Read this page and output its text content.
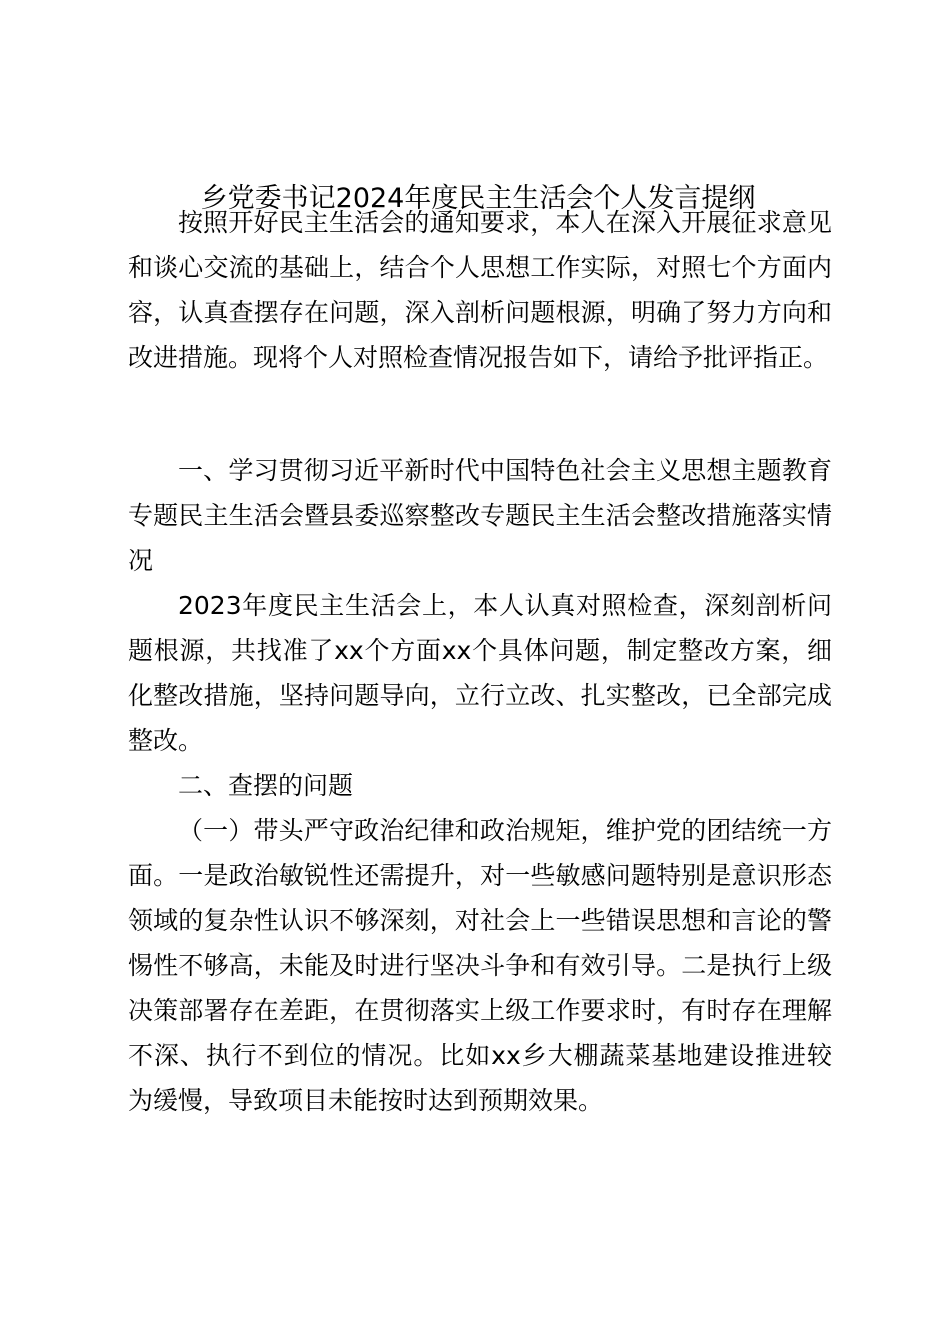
乡党委书记2024年度民主生活会个人发言提纲

按照开好民主生活会的通知要求，本人在深入开展征求意见和谈心交流的基础上，结合个人思想工作实际，对照七个方面内容，认真查摆存在问题，深入剖析问题根源，明确了努力方向和改进措施。现将个人对照检查情况报告如下，请给予批评指正。

一、学习贯彻习近平新时代中国特色社会主义思想主题教育专题民主生活会暨县委巡察整改专题民主生活会整改措施落实情况

2023年度民主生活会上，本人认真对照检查，深刻剖析问题根源，共找准了xx个方面xx个具体问题，制定整改方案，细化整改措施，坚持问题导向，立行立改、扎实整改，已全部完成整改。

二、查摆的问题

（一）带头严守政治纪律和政治规矩，维护党的团结统一方面。一是政治敏锐性还需提升，对一些敏感问题特别是意识形态领域的复杂性认识不够深刻，对社会上一些错误思想和言论的警惕性不够高，未能及时进行坚决斗争和有效引导。二是执行上级决策部署存在差距，在贯彻落实上级工作要求时，有时存在理解不深、执行不到位的情况。比如xx乡大棚蔬菜基地建设推进较为缓慢，导致项目未能按时达到预期效果。
